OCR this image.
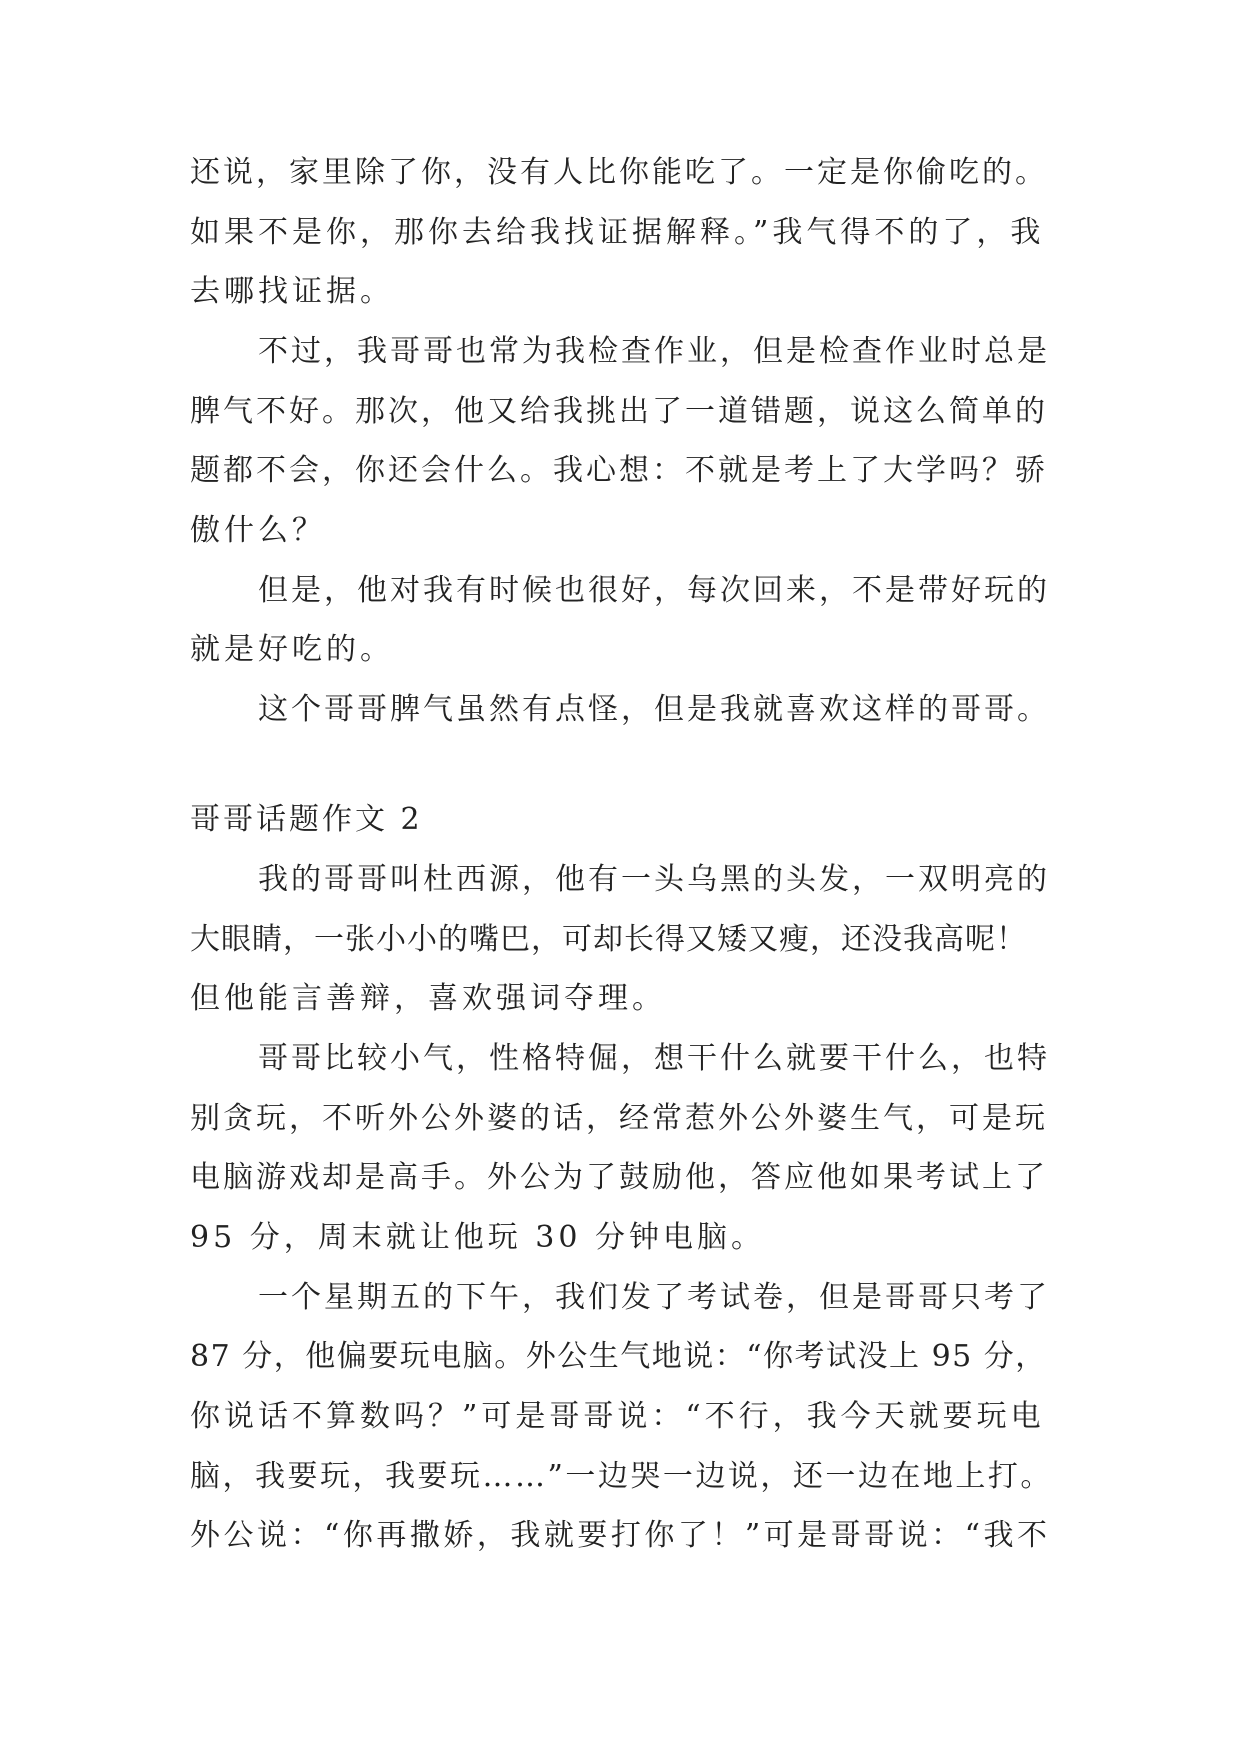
还说，家里除了你，没有人比你能吃了。一定是你偷吃的。

如果不是你，那你去给我找证据解释。”我气得不的了，我

去哪找证据。

不过，我哥哥也常为我检查作业，但是检查作业时总是

脾气不好。那次，他又给我挑出了一道错题，说这么简单的

题都不会，你还会什么。我心想：不就是考上了大学吗？骄

傲什么？

但是，他对我有时候也很好，每次回来，不是带好玩的

就是好吃的。

这个哥哥脾气虽然有点怪，但是我就喜欢这样的哥哥。

哥哥话题作文 2

我的哥哥叫杜西源，他有一头乌黑的头发，一双明亮的

大眼睛，一张小小的嘴巴，可却长得又矮又瘦，还没我高呢！

但他能言善辩，喜欢强词夺理。

哥哥比较小气，性格特倔，想干什么就要干什么，也特

别贪玩，不听外公外婆的话，经常惹外公外婆生气，可是玩

电脑游戏却是高手。外公为了鼓励他，答应他如果考试上了

95 分，周末就让他玩 30 分钟电脑。

一个星期五的下午，我们发了考试卷，但是哥哥只考了

87 分，他偏要玩电脑。外公生气地说：“你考试没上 95 分，

你说话不算数吗？”可是哥哥说：“不行，我今天就要玩电

脑，我要玩，我要玩……”一边哭一边说，还一边在地上打。

外公说：“你再撒娇，我就要打你了！”可是哥哥说：“我不
